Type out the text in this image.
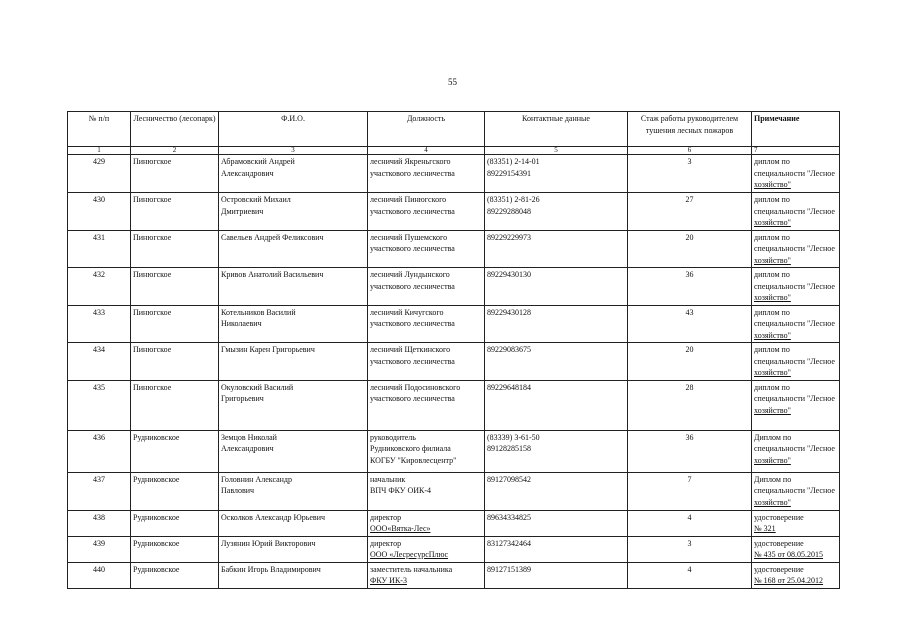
55
№ п/п	Лесничество (лесопарк)	Ф.И.О.	Должность	Контактные данные	Стаж работы руководителем тушения лесных пожаров	Примечание
1	2	3	4	5	6	7

429	Пинюгское	Абрамовский Андрей
Александрович	лесничий Якреньгского
участкового лесничества	(83351) 2-14-01
89229154391	3	диплом по
специальности "Лесное
хозяйство"

430	Пинюгское	Островский Михаил
Дмитриевич	лесничий Пинюгского
участкового лесничества	(83351) 2-81-26
89229288048	27	диплом по
специальности "Лесное
хозяйство"

431	Пинюгское	Савельев Андрей Феликсович	лесничий Пушемского
участкового лесничества	89229229973	20	диплом по
специальности "Лесное
хозяйство"

432	Пинюгское	Кривов Анатолий Васильевич	лесничий Лундынского
участкового лесничества	89229430130	36	диплом по
специальности "Лесное
хозяйство"

433	Пинюгское	Котельников Василий
Николаевич	лесничий Кичугского
участкового лесничества	89229430128	43	диплом по
специальности "Лесное
хозяйство"

434	Пинюгское	Гмызин Карен Григорьевич	лесничий Щеткинского
участкового лесничества	89229083675	20	диплом по
специальности "Лесное
хозяйство"

435	Пинюгское	Окуловский Василий
Григорьевич	лесничий Подосиновского
участкового лесничества	89229648184	28	диплом по
специальности "Лесное
хозяйство"

436	Рудниковское	Земцов Николай
Александрович	руководитель
Рудниковского филиала
КОГБУ "Кировлесцентр"	(83339) 3-61-50
89128285158	36	Диплом по
специальности "Лесное
хозяйство"

437	Рудниковское	Головнин Александр
Павлович	начальник
ВПЧ ФКУ ОИК-4	89127098542	7	Диплом по
специальности "Лесное
хозяйство"

438	Рудниковское	Осколков Александр Юрьевич	директор
ООО«Вятка-Лес»	89634334825	4	удостоверение
№ 321

439	Рудниковское	Лузянин Юрий Викторович	директор
ООО «ЛесресурсПлюс	83127342464	3	удостоверение
№ 435 от 08.05.2015

440	Рудниковское	Бабкин Игорь Владимирович	заместитель начальника
ФКУ ИК-3	89127151389	4	удостоверение
№ 168 от 25.04.2012
